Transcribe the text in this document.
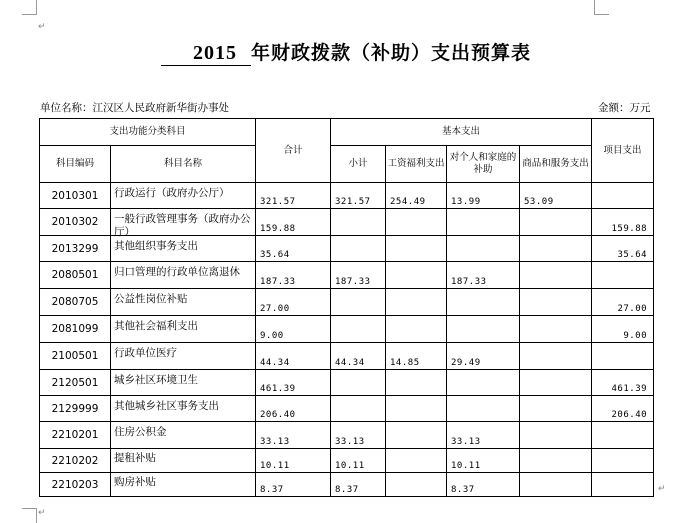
↵
↵
↵
2015 年财政拨款（补助）支出预算表
单位名称：江汉区人民政府新华街办事处	金额：万元
支出功能分类科目		合计	基本支出				项目支出
科目编码	科目名称		小计	工资福利支出	对个人和家庭的补助	商品和服务支出	
2010301	行政运行（政府办公厅）	321.57	321.57	254.49	13.99	53.09	
2010302	一般行政管理事务（政府办公厅）	159.88					159.88
2013299	其他组织事务支出	35.64					35.64
2080501	归口管理的行政单位离退休	187.33	187.33		187.33		
2080705	公益性岗位补贴	27.00					27.00
2081099	其他社会福利支出	9.00					9.00
2100501	行政单位医疗	44.34	44.34	14.85	29.49		
2120501	城乡社区环境卫生	461.39					461.39
2129999	其他城乡社区事务支出	206.40					206.40
2210201	住房公积金	33.13	33.13		33.13		
2210202	提租补贴	10.11	10.11		10.11		
2210203	购房补贴	8.37	8.37		8.37		
